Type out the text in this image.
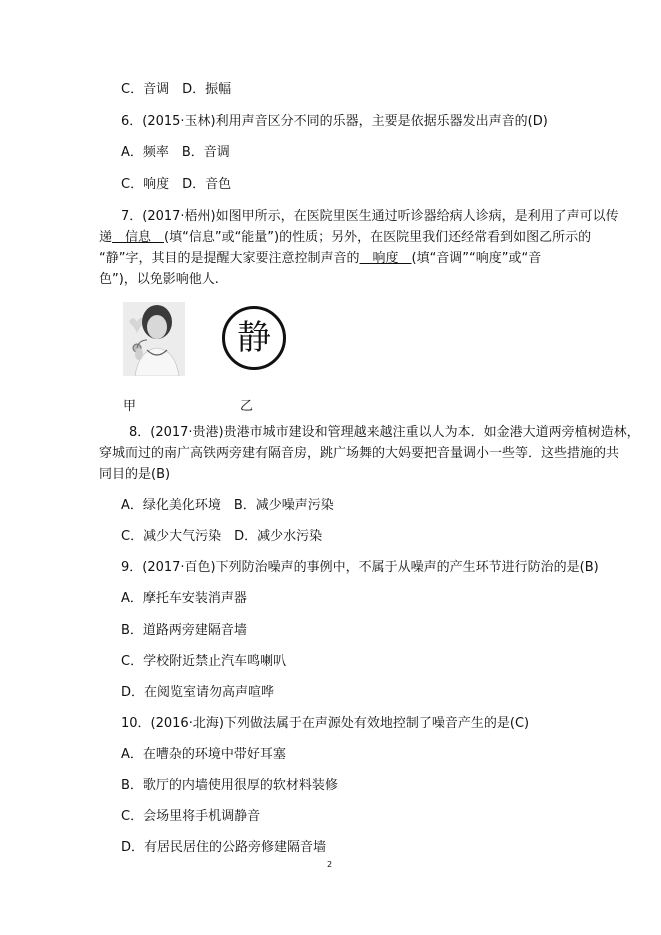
C．音调　D．振幅
6．(2015·玉林)利用声音区分不同的乐器，主要是依据乐器发出声音的(D)
A．频率　B．音调
C．响度　D．音色
7．(2017·梧州)如图甲所示，在医院里医生通过听诊器给病人诊病，是利用了声可以传
递＿信息＿(填“信息”或“能量”)的性质；另外，在医院里我们还经常看到如图乙所示的
“静”字，其目的是提醒大家要注意控制声音的＿响度＿(填“音调”“响度”或“音
色”)，以免影响他人.
静
甲	乙
8．(2017·贵港)贵港市城市建设和管理越来越注重以人为本．如金港大道两旁植树造林，
穿城而过的南广高铁两旁建有隔音房，跳广场舞的大妈要把音量调小一些等．这些措施的共
同目的是(B)
A．绿化美化环境　B．减少噪声污染
C．减少大气污染　D．减少水污染
9．(2017·百色)下列防治噪声的事例中，不属于从噪声的产生环节进行防治的是(B)
A．摩托车安装消声器
B．道路两旁建隔音墙
C．学校附近禁止汽车鸣喇叭
D．在阅览室请勿高声喧哗
10．(2016·北海)下列做法属于在声源处有效地控制了噪音产生的是(C)
A．在嘈杂的环境中带好耳塞
B．歌厅的内墙使用很厚的软材料装修
C．会场里将手机调静音
D．有居民居住的公路旁修建隔音墙
2
